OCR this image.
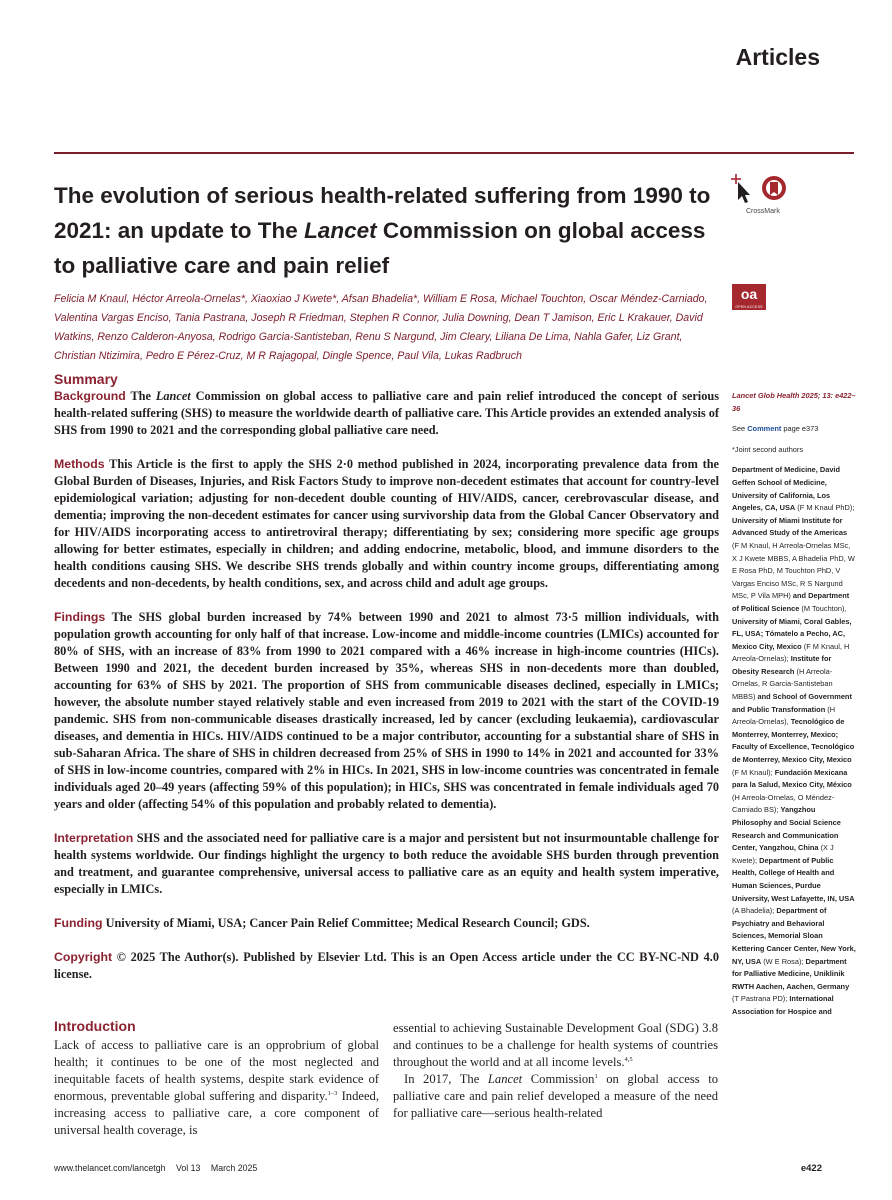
Articles
The evolution of serious health-related suffering from 1990 to 2021: an update to The Lancet Commission on global access to palliative care and pain relief
CrossMark
oa
OPEN ACCESS

Felicia M Knaul, Héctor Arreola-Ornelas*, Xiaoxiao J Kwete*, Afsan Bhadelia*, William E Rosa, Michael Touchton, Oscar Méndez-Carniado, Valentina Vargas Enciso, Tania Pastrana, Joseph R Friedman, Stephen R Connor, Julia Downing, Dean T Jamison, Eric L Krakauer, David Watkins, Renzo Calderon-Anyosa, Rodrigo Garcia-Santisteban, Renu S Nargund, Jim Cleary, Liliana De Lima, Nahla Gafer, Liz Grant, Christian Ntizimira, Pedro E Pérez-Cruz, M R Rajagopal, Dingle Spence, Paul Vila, Lukas Radbruch

Summary

Background The Lancet Commission on global access to palliative care and pain relief introduced the concept of serious health-related suffering (SHS) to measure the worldwide dearth of palliative care. This Article provides an extended analysis of SHS from 1990 to 2021 and the corresponding global palliative care need.

Methods This Article is the first to apply the SHS 2·0 method published in 2024, incorporating prevalence data from the Global Burden of Diseases, Injuries, and Risk Factors Study to improve non-decedent estimates that account for country-level epidemiological variation; adjusting for non-decedent double counting of HIV/AIDS, cancer, cerebrovascular disease, and dementia; improving the non-decedent estimates for cancer using survivorship data from the Global Cancer Observatory and for HIV/AIDS incorporating access to antiretroviral therapy; differentiating by sex; considering more specific age groups allowing for better estimates, especially in children; and adding endocrine, metabolic, blood, and immune disorders to the health conditions causing SHS. We describe SHS trends globally and within country income groups, differentiating among decedents and non-decedents, by health conditions, sex, and across child and adult age groups.

Findings The SHS global burden increased by 74% between 1990 and 2021 to almost 73·5 million individuals, with population growth accounting for only half of that increase. Low-income and middle-income countries (LMICs) accounted for 80% of SHS, with an increase of 83% from 1990 to 2021 compared with a 46% increase in high-income countries (HICs). Between 1990 and 2021, the decedent burden increased by 35%, whereas SHS in non-decedents more than doubled, accounting for 63% of SHS by 2021. The proportion of SHS from communicable diseases declined, especially in LMICs; however, the absolute number stayed relatively stable and even increased from 2019 to 2021 with the start of the COVID-19 pandemic. SHS from non-communicable diseases drastically increased, led by cancer (excluding leukaemia), cardiovascular diseases, and dementia in HICs. HIV/AIDS continued to be a major contributor, accounting for a substantial share of SHS in sub-Saharan Africa. The share of SHS in children decreased from 25% of SHS in 1990 to 14% in 2021 and accounted for 33% of SHS in low-income countries, compared with 2% in HICs. In 2021, SHS in low-income countries was concentrated in female individuals aged 20–49 years (affecting 59% of this population); in HICs, SHS was concentrated in female individuals aged 70 years and older (affecting 54% of this population and probably related to dementia).

Interpretation SHS and the associated need for palliative care is a major and persistent but not insurmountable challenge for health systems worldwide. Our findings highlight the urgency to both reduce the avoidable SHS burden through prevention and treatment, and guarantee comprehensive, universal access to palliative care as an equity and health system imperative, especially in LMICs.

Funding University of Miami, USA; Cancer Pain Relief Committee; Medical Research Council; GDS.

Copyright © 2025 The Author(s). Published by Elsevier Ltd. This is an Open Access article under the CC BY-NC-ND 4.0 license.

Introduction

Lack of access to palliative care is an opprobrium of global health; it continues to be one of the most neglected and inequitable facets of health systems, despite stark evidence of enormous, preventable global suffering and disparity.$^{1-3}$ Indeed, increasing access to palliative care, a core component of universal health coverage, is

essential to achieving Sustainable Development Goal (SDG) 3.8 and continues to be a challenge for health systems of countries throughout the world and at all income levels.$^{4,5}$

In 2017, The Lancet Commission$^1$ on global access to palliative care and pain relief developed a measure of the need for palliative care—serious health-related

Lancet Glob Health 2025; 13: e422–36

See Comment page e373

*Joint second authors

Department of Medicine, David Geffen School of Medicine, University of California, Los Angeles, CA, USA (F M Knaul PhD); University of Miami Institute for Advanced Study of the Americas (F M Knaul, H Arreola-Ornelas MSc, X J Kwete MBBS, A Bhadelia PhD, W E Rosa PhD, M Touchton PhD, V Vargas Enciso MSc, R S Nargund MSc, P Vila MPH) and Department of Political Science (M Touchton), University of Miami, Coral Gables, FL, USA; Tómatelo a Pecho, AC, Mexico City, Mexico (F M Knaul, H Arreola-Ornelas); Institute for Obesity Research (H Arreola-Ornelas, R Garcia-Santisteban MBBS) and School of Government and Public Transformation (H Arreola-Ornelas), Tecnológico de Monterrey, Monterrey, Mexico; Faculty of Excellence, Tecnológico de Monterrey, Mexico City, Mexico (F M Knaul); Fundación Mexicana para la Salud, Mexico City, México (H Arreola-Ornelas, O Méndez-Carniado BS); Yangzhou Philosophy and Social Science Research and Communication Center, Yangzhou, China (X J Kwete); Department of Public Health, College of Health and Human Sciences, Purdue University, West Lafayette, IN, USA (A Bhadelia); Department of Psychiatry and Behavioral Sciences, Memorial Sloan Kettering Cancer Center, New York, NY, USA (W E Rosa); Department for Palliative Medicine, Uniklinik RWTH Aachen, Aachen, Germany (T Pastrana PD); International Association for Hospice and

www.thelancet.com/lancetgh Vol 13 March 2025	e422
